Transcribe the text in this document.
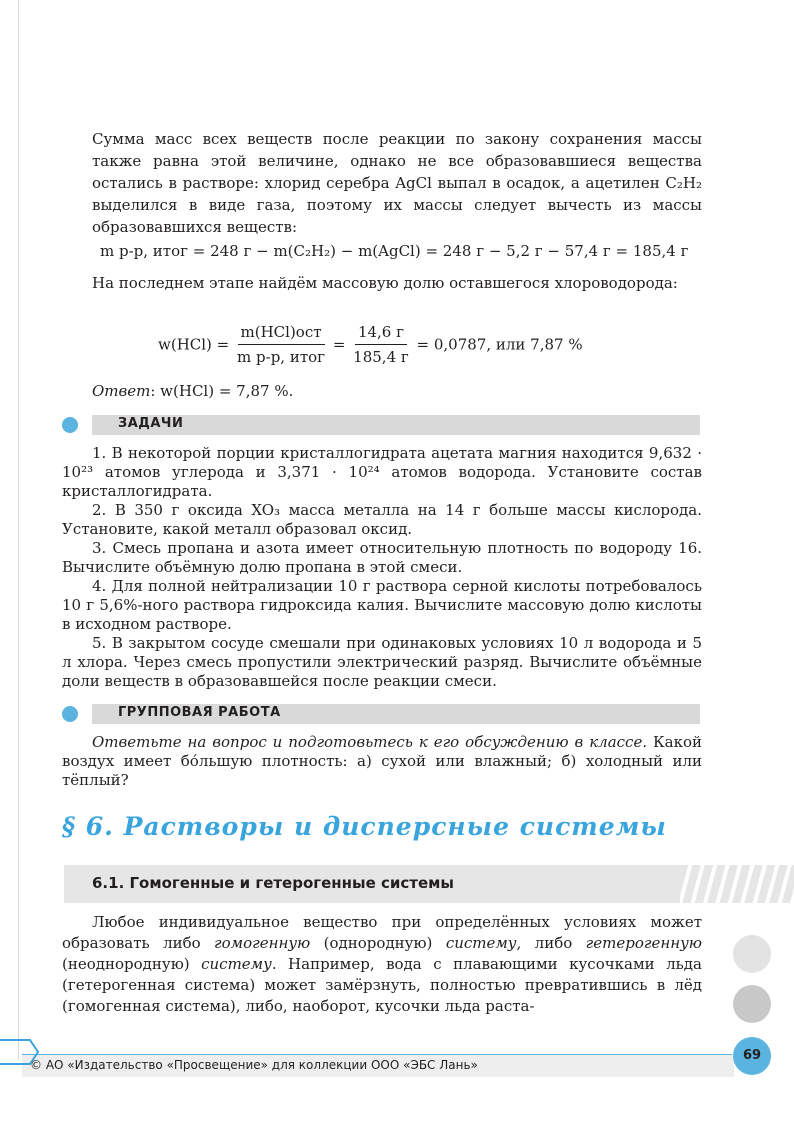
Сумма масс всех веществ после реакции по закону сохранения массы также равна этой величине, однако не все образовавшиеся вещества остались в растворе: хлорид серебра AgCl выпал в осадок, а ацетилен C₂H₂ выделился в виде газа, поэтому их массы следует вычесть из массы образовавшихся веществ:
m р-р, итог = 248 г − m(C₂H₂) − m(AgCl) = 248 г − 5,2 г − 57,4 г = 185,4 г
На последнем этапе найдём массовую долю оставшегося хлороводорода:
$w(HCl) = \frac{\text{m(HCl)ост}}{\text{m р-р, итог}} = \frac{14,6 г}{185,4 г} = 0,0787$, или 7,87 %
Ответ: w(HCl) = 7,87 %.
ЗАДАЧИ
1. В некоторой порции кристаллогидрата ацетата магния находится 9,632 · 10²³ атомов углерода и 3,371 · 10²⁴ атомов водорода. Установите состав кристаллогидрата.
2. В 350 г оксида XO₃ масса металла на 14 г больше массы кислорода. Установите, какой металл образовал оксид.
3. Смесь пропана и азота имеет относительную плотность по водороду 16. Вычислите объёмную долю пропана в этой смеси.
4. Для полной нейтрализации 10 г раствора серной кислоты потребовалось 10 г 5,6%-ного раствора гидроксида калия. Вычислите массовую долю кислоты в исходном растворе.
5. В закрытом сосуде смешали при одинаковых условиях 10 л водорода и 5 л хлора. Через смесь пропустили электрический разряд. Вычислите объёмные доли веществ в образовавшейся после реакции смеси.
ГРУППОВАЯ РАБОТА
Ответьте на вопрос и подготовьтесь к его обсуждению в классе. Какой воздух имеет бо́льшую плотность: а) сухой или влажный; б) холодный или тёплый?
§ 6. Растворы и дисперсные системы
6.1. Гомогенные и гетерогенные системы
Любое индивидуальное вещество при определённых условиях может образовать либо гомогенную (однородную) систему, либо гетерогенную (неоднородную) систему. Например, вода с плавающими кусочками льда (гетерогенная система) может замёрзнуть, полностью превратившись в лёд (гомогенная система), либо, наоборот, кусочки льда раста-
© АО «Издательство «Просвещение» для коллекции ООО «ЭБС Лань»
69
